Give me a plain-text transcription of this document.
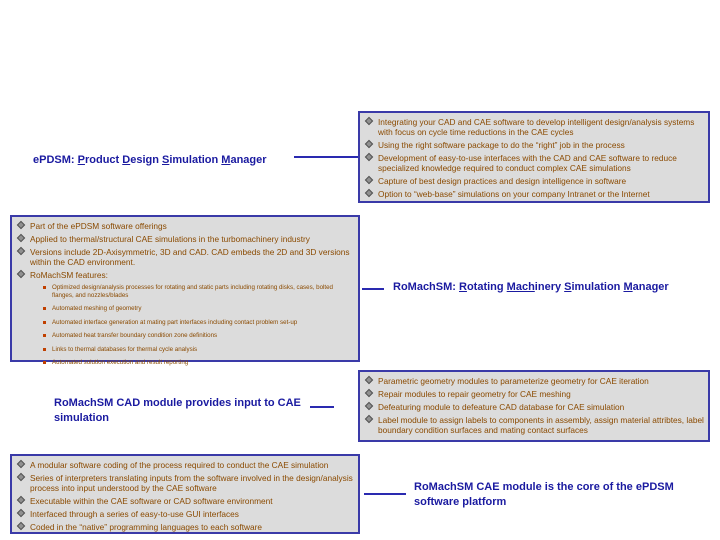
ePDSM: Product Design Simulation Manager
Integrating your CAD and CAE software to develop intelligent design/analysis systems with focus on cycle time reductions in the CAE cycles
Using the right software package to do the “right” job in the process
Development of easy-to-use interfaces with the CAD and CAE software to reduce specialized knowledge required to conduct complex CAE simulations
Capture of best design practices and design intelligence in software
Option to “web-base” simulations on your company Intranet or the Internet
Part of the ePDSM software offerings
Applied to thermal/structural CAE simulations in the turbomachinery industry
Versions include 2D-Axisymmetric, 3D and CAD. CAD embeds the 2D and 3D versions within the CAD environment.
RoMachSM features:
Optimized design/analysis processes for rotating and static parts including rotating disks, cases, bolted flanges, and nozzles/blades
Automated meshing of geometry
Automated interface generation at mating part interfaces including contact problem set-up
Automated heat transfer boundary condition zone definitions
Links to thermal databases for thermal cycle analysis
Automated solution execution and result reporting
RoMachSM: Rotating Machinery Simulation Manager
RoMachSM CAD module provides input to CAE simulation
Parametric geometry modules to parameterize geometry for CAE iteration
Repair modules to repair geometry for CAE meshing
Defeaturing module to defeature CAD database for CAE simulation
Label module to assign labels to components in assembly, assign material attribtes, label boundary condition surfaces and mating contact surfaces
A modular software coding of the process required to conduct the CAE simulation
Series of interpreters translating inputs from the software involved in the design/analysis process into input understood by the CAE software
Executable within the CAE software or CAD software environment
Interfaced through a series of easy-to-use GUI interfaces
Coded in the “native” programming languages to each software
RoMachSM CAE module is the core of the ePDSM software platform
